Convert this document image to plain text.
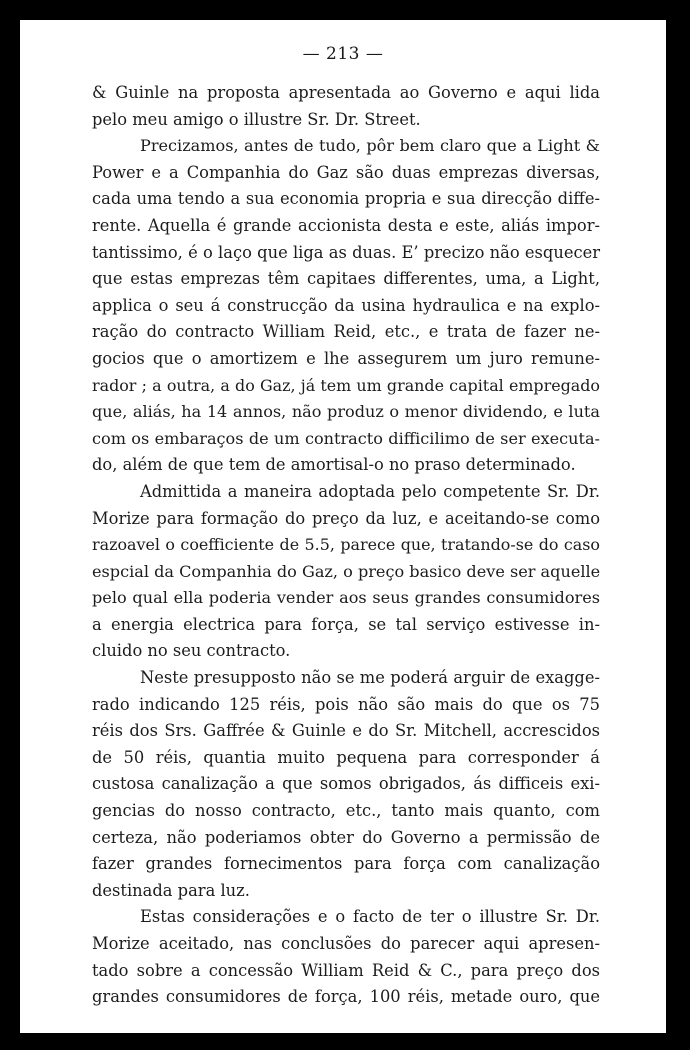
— 213 —
& Guinle na proposta apresentada ao Governo e aqui lida
pelo meu amigo o illustre Sr. Dr. Street.
Precizamos, antes de tudo, pôr bem claro que a Light &
Power e a Companhia do Gaz são duas emprezas diversas,
cada uma tendo a sua economia propria e sua direcção diffe-
rente. Aquella é grande accionista desta e este, aliás impor-
tantissimo, é o laço que liga as duas. E’ precizo não esquecer
que estas emprezas têm capitaes differentes, uma, a Light,
applica o seu á construcção da usina hydraulica e na explo-
ração do contracto William Reid, etc., e trata de fazer ne-
gocios que o amortizem e lhe assegurem um juro remune-
rador ; a outra, a do Gaz, já tem um grande capital empregado
que, aliás, ha 14 annos, não produz o menor dividendo, e luta
com os embaraços de um contracto difficilimo de ser executa-
do, além de que tem de amortisal-o no praso determinado.
Admittida a maneira adoptada pelo competente Sr. Dr.
Morize para formação do preço da luz, e aceitando-se como
razoavel o coefficiente de 5.5, parece que, tratando-se do caso
espcial da Companhia do Gaz, o preço basico deve ser aquelle
pelo qual ella poderia vender aos seus grandes consumidores
a energia electrica para força, se tal serviço estivesse in-
cluido no seu contracto.
Neste presupposto não se me poderá arguir de exagge-
rado indicando 125 réis, pois não são mais do que os 75
réis dos Srs. Gaffrée & Guinle e do Sr. Mitchell, accrescidos
de 50 réis, quantia muito pequena para corresponder á
custosa canalização a que somos obrigados, ás difficeis exi-
gencias do nosso contracto, etc., tanto mais quanto, com
certeza, não poderiamos obter do Governo a permissão de
fazer grandes fornecimentos para força com canalização
destinada para luz.
Estas considerações e o facto de ter o illustre Sr. Dr.
Morize aceitado, nas conclusões do parecer aqui apresen-
tado sobre a concessão William Reid & C., para preço dos
grandes consumidores de força, 100 réis, metade ouro, que
